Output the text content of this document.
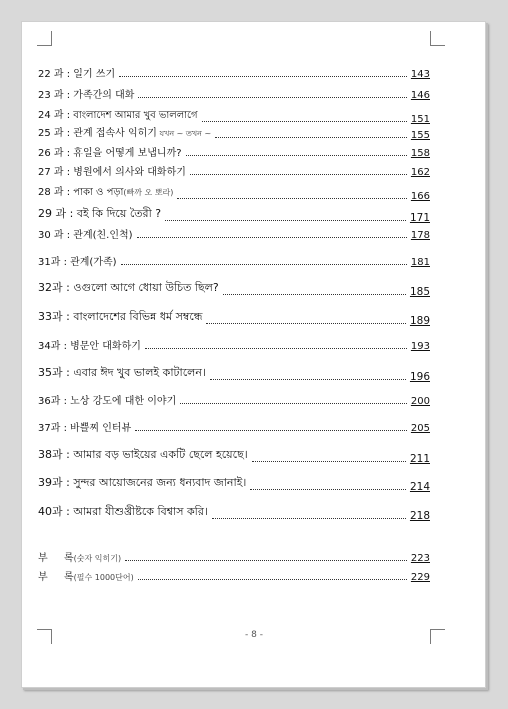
22 과 : 일기 쓰기	143
23 과 : 가족간의 대화	146
24 과 : বাংলাদেশ আমার খুব ভাললাগে	151
25 과 : 관계 접속사 익히기 যখন ~ তখন ~	155
26 과 : 휴일을 어떻게 보냅니까?	158
27 과 : 병원에서 의사와 대화하기	162
28 과 : পাকা ও পড়া(빠까 오 뽀라)	166
29 과 : বই কি দিয়ে তৈরী ?	171
30 과 : 관계(친.인척)	178
31과 : 관계(가족)	181
32과 : ওগুলো আগে ধোয়া উচিত ছিল?	185
33과 : বাংলাদেশের বিভিন্ন ধর্ম সম্বন্ধে	189
34과 : 병문안 대화하기	193
35과 : এবার ঈদ খুব ভালই কাটালেন।	196
36과 : 노상 강도에 대한 이야기	200
37과 : 바쁠찌 인터뷰	205
38과 : আমার বড় ভাইয়ের একটি ছেলে হয়েছে।	211
39과 : সুন্দর আয়োজনের জন্য ধন্যবাদ জানাই।	214
40과 : আমরা যীশুখ্রীষ্টকে বিশ্বাস করি।	218
부 록(숫자 익히기)	223
부 록(필수 1000단어)	229
- 8 -
